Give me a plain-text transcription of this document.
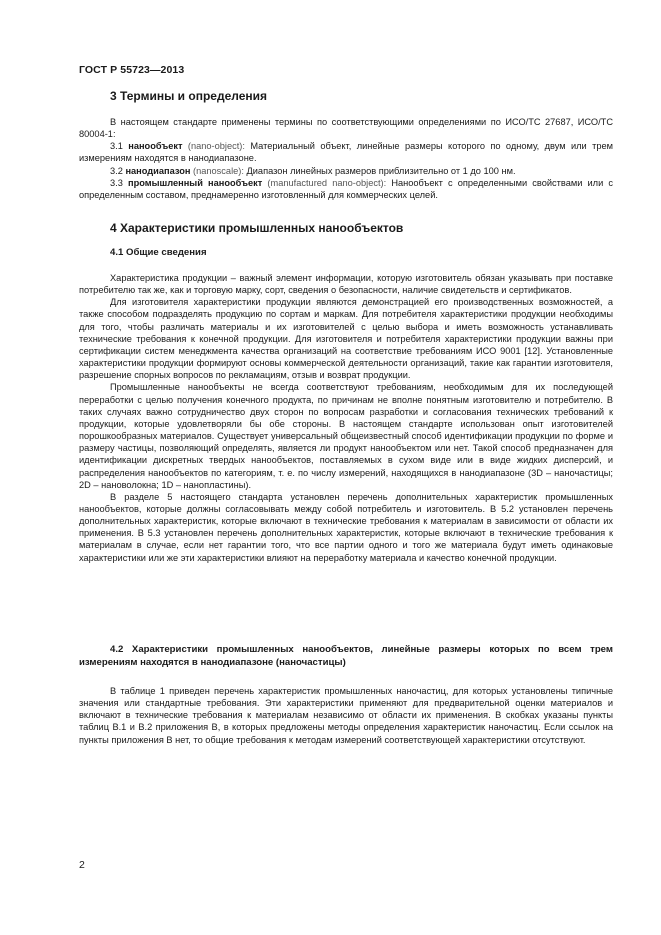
ГОСТ Р 55723—2013
3 Термины и определения

В настоящем стандарте применены термины по соответствующими определениями по ИСО/ТС 27687, ИСО/ТС 80004-1:

3.1 нанообъект (nano-object): Материальный объект, линейные размеры которого по одному, двум или трем измерениям находятся в нанодиапазоне.

3.2 нанодиапазон (nanoscale): Диапазон линейных размеров приблизительно от 1 до 100 нм.

3.3 промышленный нанообъект (manufactured nano-object): Нанообъект с определенными свойствами или с определенным составом, преднамеренно изготовленный для коммерческих целей.

4 Характеристики промышленных нанообъектов
4.1 Общие сведения

Характеристика продукции – важный элемент информации, которую изготовитель обязан указывать при поставке потребителю так же, как и торговую марку, сорт, сведения о безопасности, наличие свидетельств и сертификатов.

Для изготовителя характеристики продукции являются демонстрацией его производственных возможностей, а также способом подразделять продукцию по сортам и маркам. Для потребителя характеристики продукции необходимы для того, чтобы различать материалы и их изготовителей с целью выбора и иметь возможность устанавливать технические требования к конечной продукции. Для изготовителя и потребителя характеристики продукции важны при сертификации систем менеджмента качества организаций на соответствие требованиям ИСО 9001 [12]. Установленные характеристики продукции формируют основы коммерческой деятельности организаций, такие как гарантии изготовителя, разрешение спорных вопросов по рекламациям, отзыв и возврат продукции.

Промышленные нанообъекты не всегда соответствуют требованиям, необходимым для их последующей переработки с целью получения конечного продукта, по причинам не вполне понятным изготовителю и потребителю. В таких случаях важно сотрудничество двух сторон по вопросам разработки и согласования технических требований к продукции, которые удовлетворяли бы обе стороны. В настоящем стандарте использован опыт изготовителей порошкообразных материалов. Существует универсальный общеизвестный способ идентификации продукции по форме и размеру частицы, позволяющий определять, является ли продукт нанообъектом или нет. Такой способ предназначен для идентификации дискретных твердых нанообъектов, поставляемых в сухом виде или в виде жидких дисперсий, и распределения нанообъектов по категориям, т. е. по числу измерений, находящихся в нанодиапазоне (3D – наночастицы; 2D – нановолокна; 1D – нанопластины).

В разделе 5 настоящего стандарта установлен перечень дополнительных характеристик промышленных нанообъектов, которые должны согласовывать между собой потребитель и изготовитель. В 5.2 установлен перечень дополнительных характеристик, которые включают в технические требования к материалам в зависимости от области их применения. В 5.3 установлен перечень дополнительных характеристик, которые включают в технические требования к материалам в случае, если нет гарантии того, что все партии одного и того же материала будут иметь одинаковые характеристики или же эти характеристики влияют на переработку материала и качество конечной продукции.

4.2 Характеристики промышленных нанообъектов, линейные размеры которых по всем трем измерениям находятся в нанодиапазоне (наночастицы)

В таблице 1 приведен перечень характеристик промышленных наночастиц, для которых установлены типичные значения или стандартные требования. Эти характеристики применяют для предварительной оценки материалов и включают в технические требования к материалам независимо от области их применения. В скобках указаны пункты таблиц В.1 и В.2 приложения В, в которых предложены методы определения характеристик наночастиц. Если ссылок на пункты приложения В нет, то общие требования к методам измерений соответствующей характеристики отсутствуют.

2
